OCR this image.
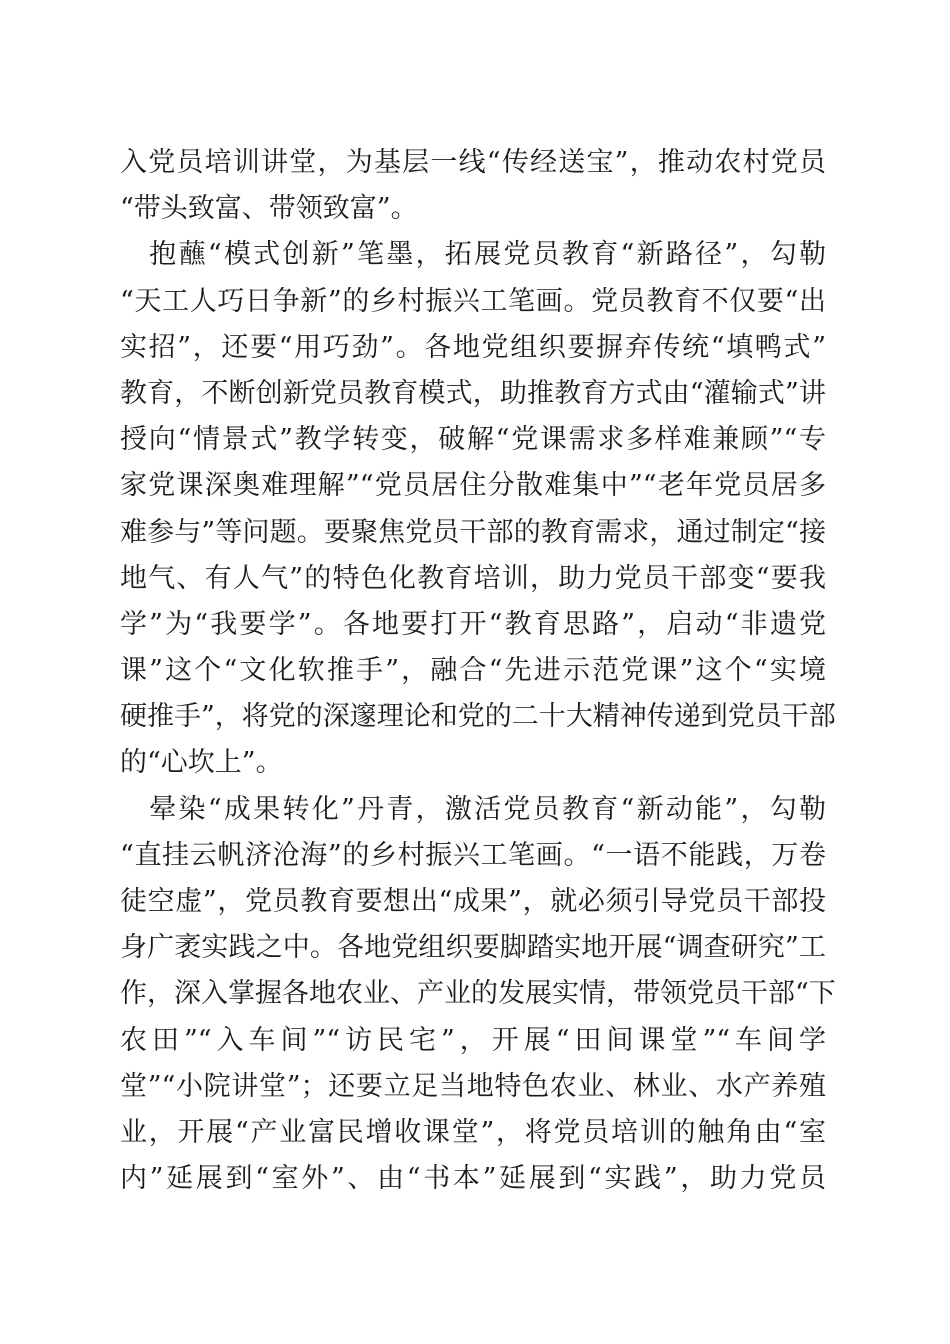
入党员培训讲堂，为基层一线“传经送宝”，推动农村党员
“带头致富、带领致富”。
　抱蘸“模式创新”笔墨，拓展党员教育“新路径”，勾勒
“天工人巧日争新”的乡村振兴工笔画。党员教育不仅要“出
实招”，还要“用巧劲”。各地党组织要摒弃传统“填鸭式”
教育，不断创新党员教育模式，助推教育方式由“灌输式”讲
授向“情景式”教学转变，破解“党课需求多样难兼顾”“专
家党课深奥难理解”“党员居住分散难集中”“老年党员居多
难参与”等问题。要聚焦党员干部的教育需求，通过制定“接
地气、有人气”的特色化教育培训，助力党员干部变“要我
学”为“我要学”。各地要打开“教育思路”，启动“非遗党
课”这个“文化软推手”，融合“先进示范党课”这个“实境
硬推手”，将党的深邃理论和党的二十大精神传递到党员干部
的“心坎上”。
　晕染“成果转化”丹青，激活党员教育“新动能”，勾勒
“直挂云帆济沧海”的乡村振兴工笔画。“一语不能践，万卷
徒空虚”，党员教育要想出“成果”，就必须引导党员干部投
身广袤实践之中。各地党组织要脚踏实地开展“调查研究”工
作，深入掌握各地农业、产业的发展实情，带领党员干部“下
农田”“入车间”“访民宅”，开展“田间课堂”“车间学
堂”“小院讲堂”；还要立足当地特色农业、林业、水产养殖
业，开展“产业富民增收课堂”，将党员培训的触角由“室
内”延展到“室外”、由“书本”延展到“实践”，助力党员
